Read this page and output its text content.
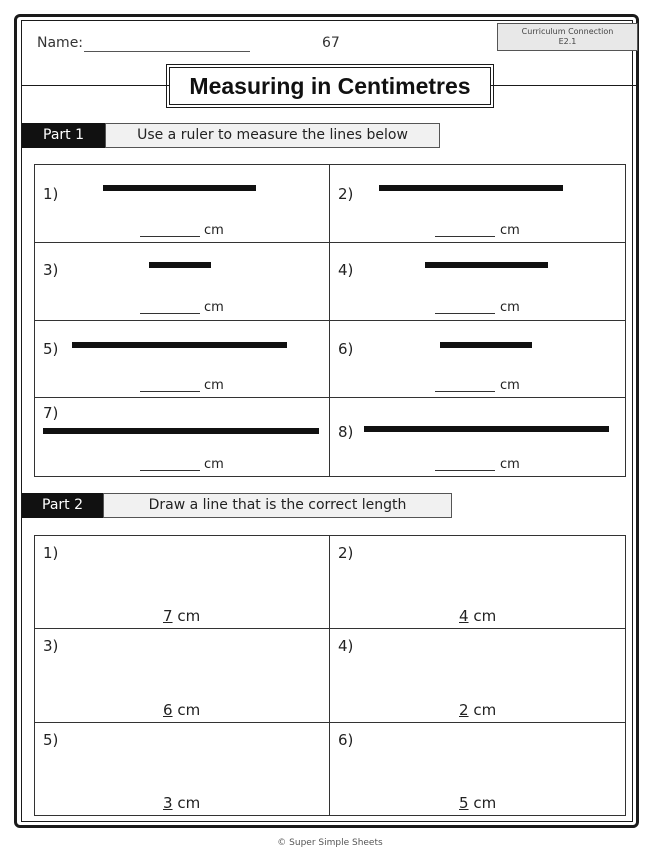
Name:	67
Curriculum Connection
E2.1
Measuring in Centimetres
Part 1	Use a ruler to measure the lines below
1)
cm
2)
cm
3)
cm
4)
cm
5)
cm
6)
cm
7)
cm
8)
cm
Part 2	Draw a line that is the correct length
1)
7 cm
2)
4 cm
3)
6 cm
4)
2 cm
5)
3 cm
6)
5 cm
© Super Simple Sheets
